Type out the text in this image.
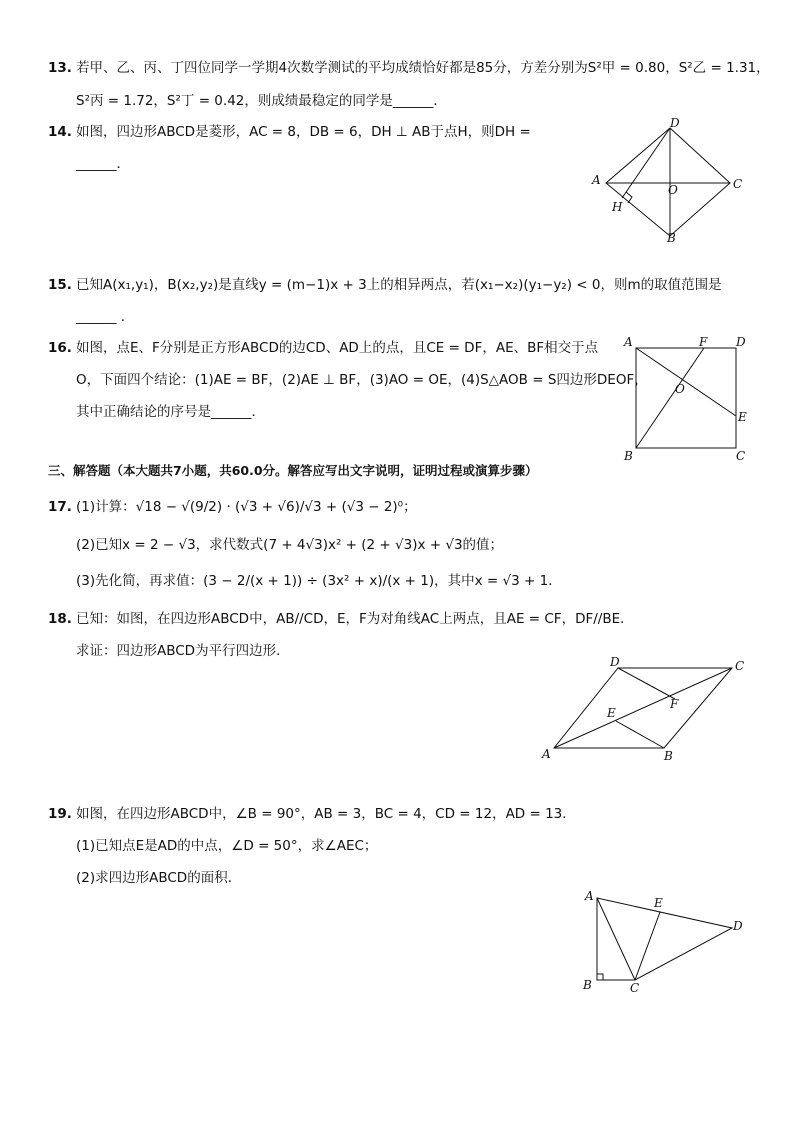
13. 若甲、乙、丙、丁四位同学一学期4次数学测试的平均成绩恰好都是85分，方差分别为S²甲 = 0.80，S²乙 = 1.31，
S²丙 = 1.72，S²丁 = 0.42，则成绩最稳定的同学是______．
14. 如图，四边形ABCD是菱形，AC = 8，DB = 6，DH ⊥ AB于点H，则DH =
______．
D
A
O	C
H
B
15. 已知A(x₁,y₁)，B(x₂,y₂)是直线y = (m−1)x + 3上的相异两点，若(x₁−x₂)(y₁−y₂) < 0，则m的取值范围是
______ ．
16. 如图，点E、F分别是正方形ABCD的边CD、AD上的点，且CE = DF，AE、BF相交于点
O，下面四个结论：(1)AE = BF，(2)AE ⊥ BF，(3)AO = OE，(4)S△AOB = S四边形DEOF，
其中正确结论的序号是______．
A	F D
O
E
B	C
三、解答题（本大题共7小题，共60.0分。解答应写出文字说明，证明过程或演算步骤）
17. (1)计算：√18 − √(9/2) · (√3 + √6)/√3 + (√3 − 2)⁰；
(2)已知x = 2 − √3，求代数式(7 + 4√3)x² + (2 + √3)x + √3的值；
(3)先化简，再求值：(3 − 2/(x + 1)) ÷ (3x² + x)/(x + 1)，其中x = √3 + 1．
18. 已知：如图，在四边形ABCD中，AB//CD，E，F为对角线AC上两点，且AE = CF，DF//BE．
求证：四边形ABCD为平行四边形．
D	C
F
E
A	B
19. 如图，在四边形ABCD中，∠B = 90°，AB = 3，BC = 4，CD = 12，AD = 13．
(1)已知点E是AD的中点，∠D = 50°，求∠AEC；
(2)求四边形ABCD的面积．
A	E
D
B	C
